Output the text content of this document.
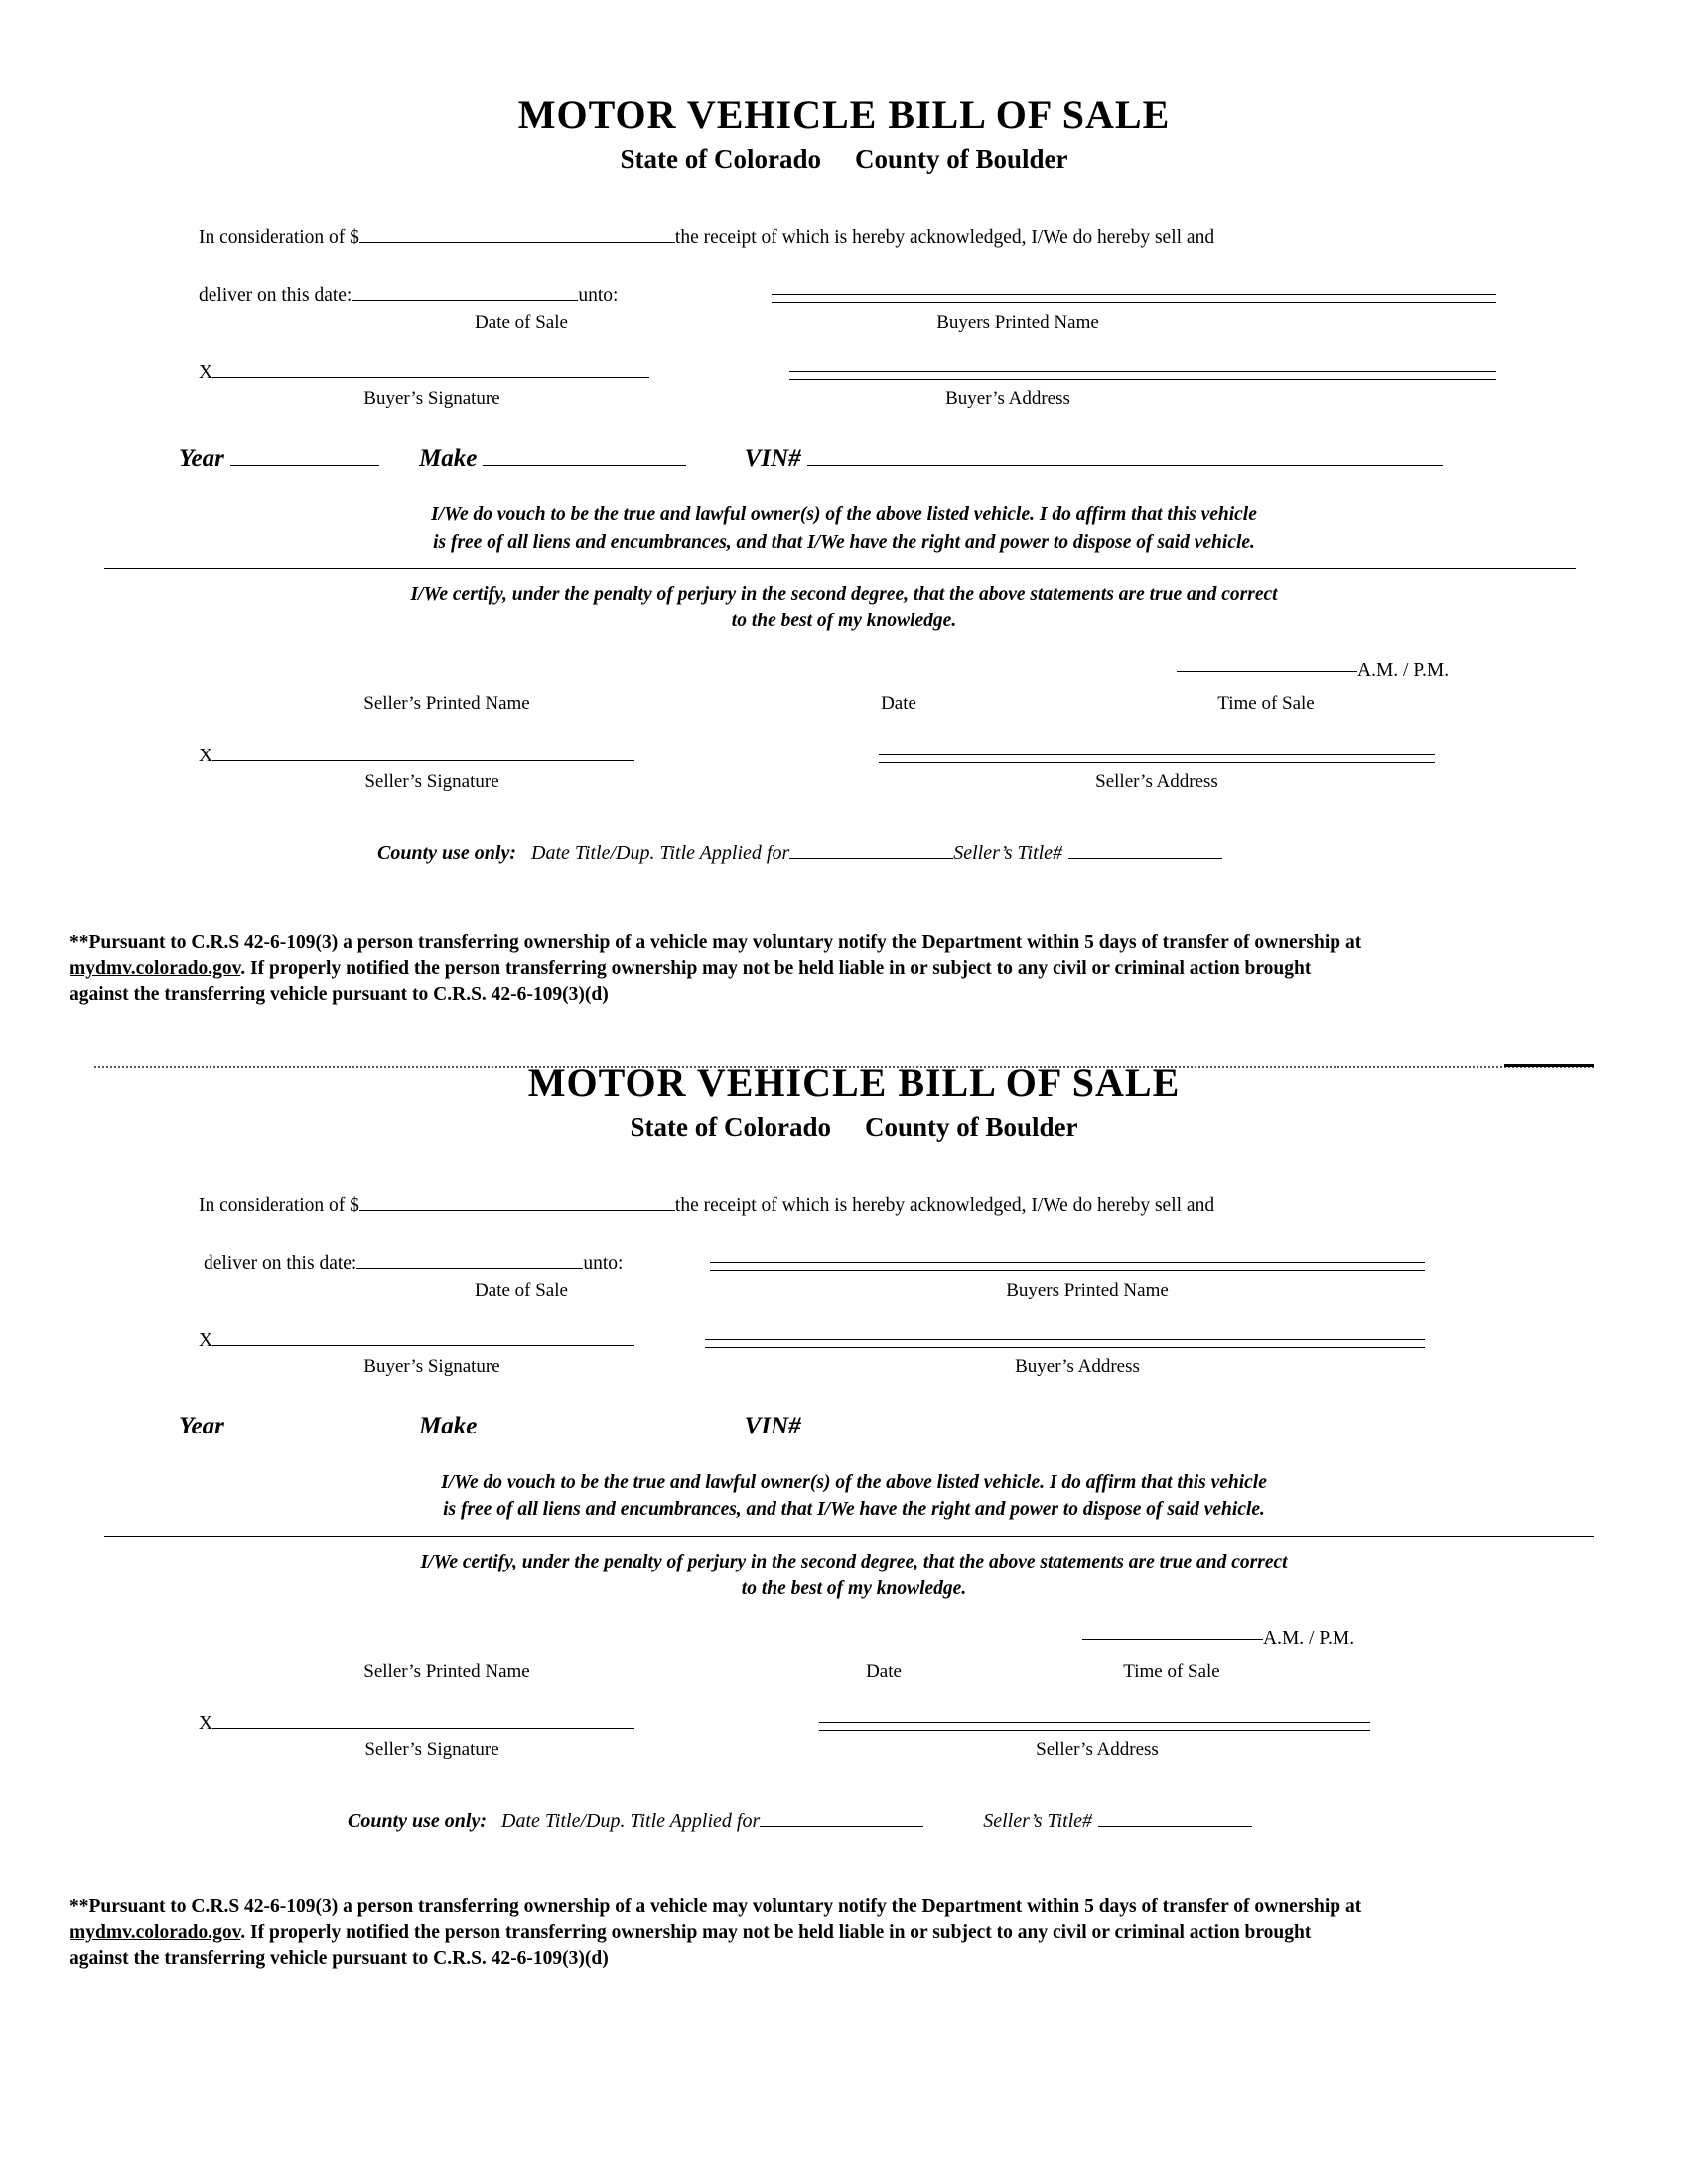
MOTOR VEHICLE BILL OF SALE
State of Colorado County of Boulder
In consideration of $	the receipt of which is hereby acknowledged, I/We do hereby sell and
deliver on this date:	unto:
Date of Sale	Buyers Printed Name
X
Buyer’s Signature	Buyer’s Address
Year	Make	VIN#
I/We do vouch to be the true and lawful owner(s) of the above listed vehicle. I do affirm that this vehicle
is free of all liens and encumbrances, and that I/We have the right and power to dispose of said vehicle.
I/We certify, under the penalty of perjury in the second degree, that the above statements are true and correct
to the best of my knowledge.
A.M. / P.M.
Seller’s Printed Name	Date	Time of Sale
X
Seller’s Signature	Seller’s Address
County use only: Date Title/Dup. Title Applied for	Seller’s Title#
**Pursuant to C.R.S 42-6-109(3) a person transferring ownership of a vehicle may voluntary notify the Department within 5 days of transfer of ownership at
mydmv.colorado.gov. If properly notified the person transferring ownership may not be held liable in or subject to any civil or criminal action brought
against the transferring vehicle pursuant to C.R.S. 42-6-109(3)(d)
MOTOR VEHICLE BILL OF SALE
State of Colorado County of Boulder
In consideration of $	the receipt of which is hereby acknowledged, I/We do hereby sell and
deliver on this date:	unto:
Date of Sale	Buyers Printed Name
X
Buyer’s Signature	Buyer’s Address
Year	Make	VIN#
I/We do vouch to be the true and lawful owner(s) of the above listed vehicle. I do affirm that this vehicle
is free of all liens and encumbrances, and that I/We have the right and power to dispose of said vehicle.
I/We certify, under the penalty of perjury in the second degree, that the above statements are true and correct
to the best of my knowledge.
A.M. / P.M.
Seller’s Printed Name	Date	Time of Sale
X
Seller’s Signature	Seller’s Address
County use only: Date Title/Dup. Title Applied for	Seller’s Title#
**Pursuant to C.R.S 42-6-109(3) a person transferring ownership of a vehicle may voluntary notify the Department within 5 days of transfer of ownership at
mydmv.colorado.gov. If properly notified the person transferring ownership may not be held liable in or subject to any civil or criminal action brought
against the transferring vehicle pursuant to C.R.S. 42-6-109(3)(d)
